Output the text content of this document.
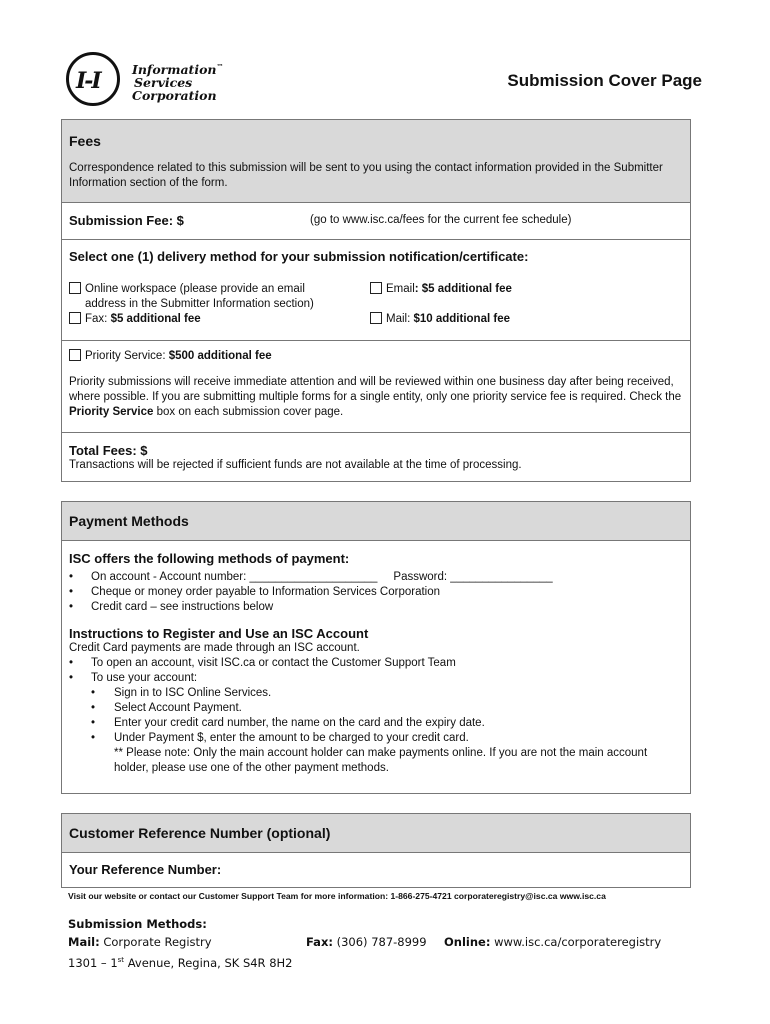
I-I	Information™
Services
Corporation
Submission Cover Page
Fees
Correspondence related to this submission will be sent to you using the contact information provided in the Submitter Information section of the form.
Submission Fee: $	(go to www.isc.ca/fees for the current fee schedule)
Select one (1) delivery method for your submission notification/certificate:
Online workspace (please provide an email
address in the Submitter Information section)
Email: $5 additional fee
Fax: $5 additional fee	Mail: $10 additional fee
Priority Service: $500 additional fee
Priority submissions will receive immediate attention and will be reviewed within one business day after being received, where possible. If you are submitting multiple forms for a single entity, only one priority service fee is required. Check the Priority Service box on each submission cover page.
Total Fees: $
Transactions will be rejected if sufficient funds are not available at the time of processing.
Payment Methods
ISC offers the following methods of payment:
• On account - Account number: ____________________     Password: ________________
• Cheque or money order payable to Information Services Corporation
• Credit card – see instructions below
Instructions to Register and Use an ISC Account
Credit Card payments are made through an ISC account.
• To open an account, visit ISC.ca or contact the Customer Support Team
• To use your account:
• Sign in to ISC Online Services.
• Select Account Payment.
• Enter your credit card number, the name on the card and the expiry date.
• Under Payment $, enter the amount to be charged to your credit card.
** Please note: Only the main account holder can make payments online. If you are not the main account holder, please use one of the other payment methods.
Customer Reference Number (optional)
Your Reference Number:
Visit our website or contact our Customer Support Team for more information: 1-866-275-4721 corporateregistry@isc.ca www.isc.ca
Submission Methods:
Mail: Corporate Registry	Fax: (306) 787-8999 Online: www.isc.ca/corporateregistry
1301 – 1st Avenue, Regina, SK S4R 8H2
